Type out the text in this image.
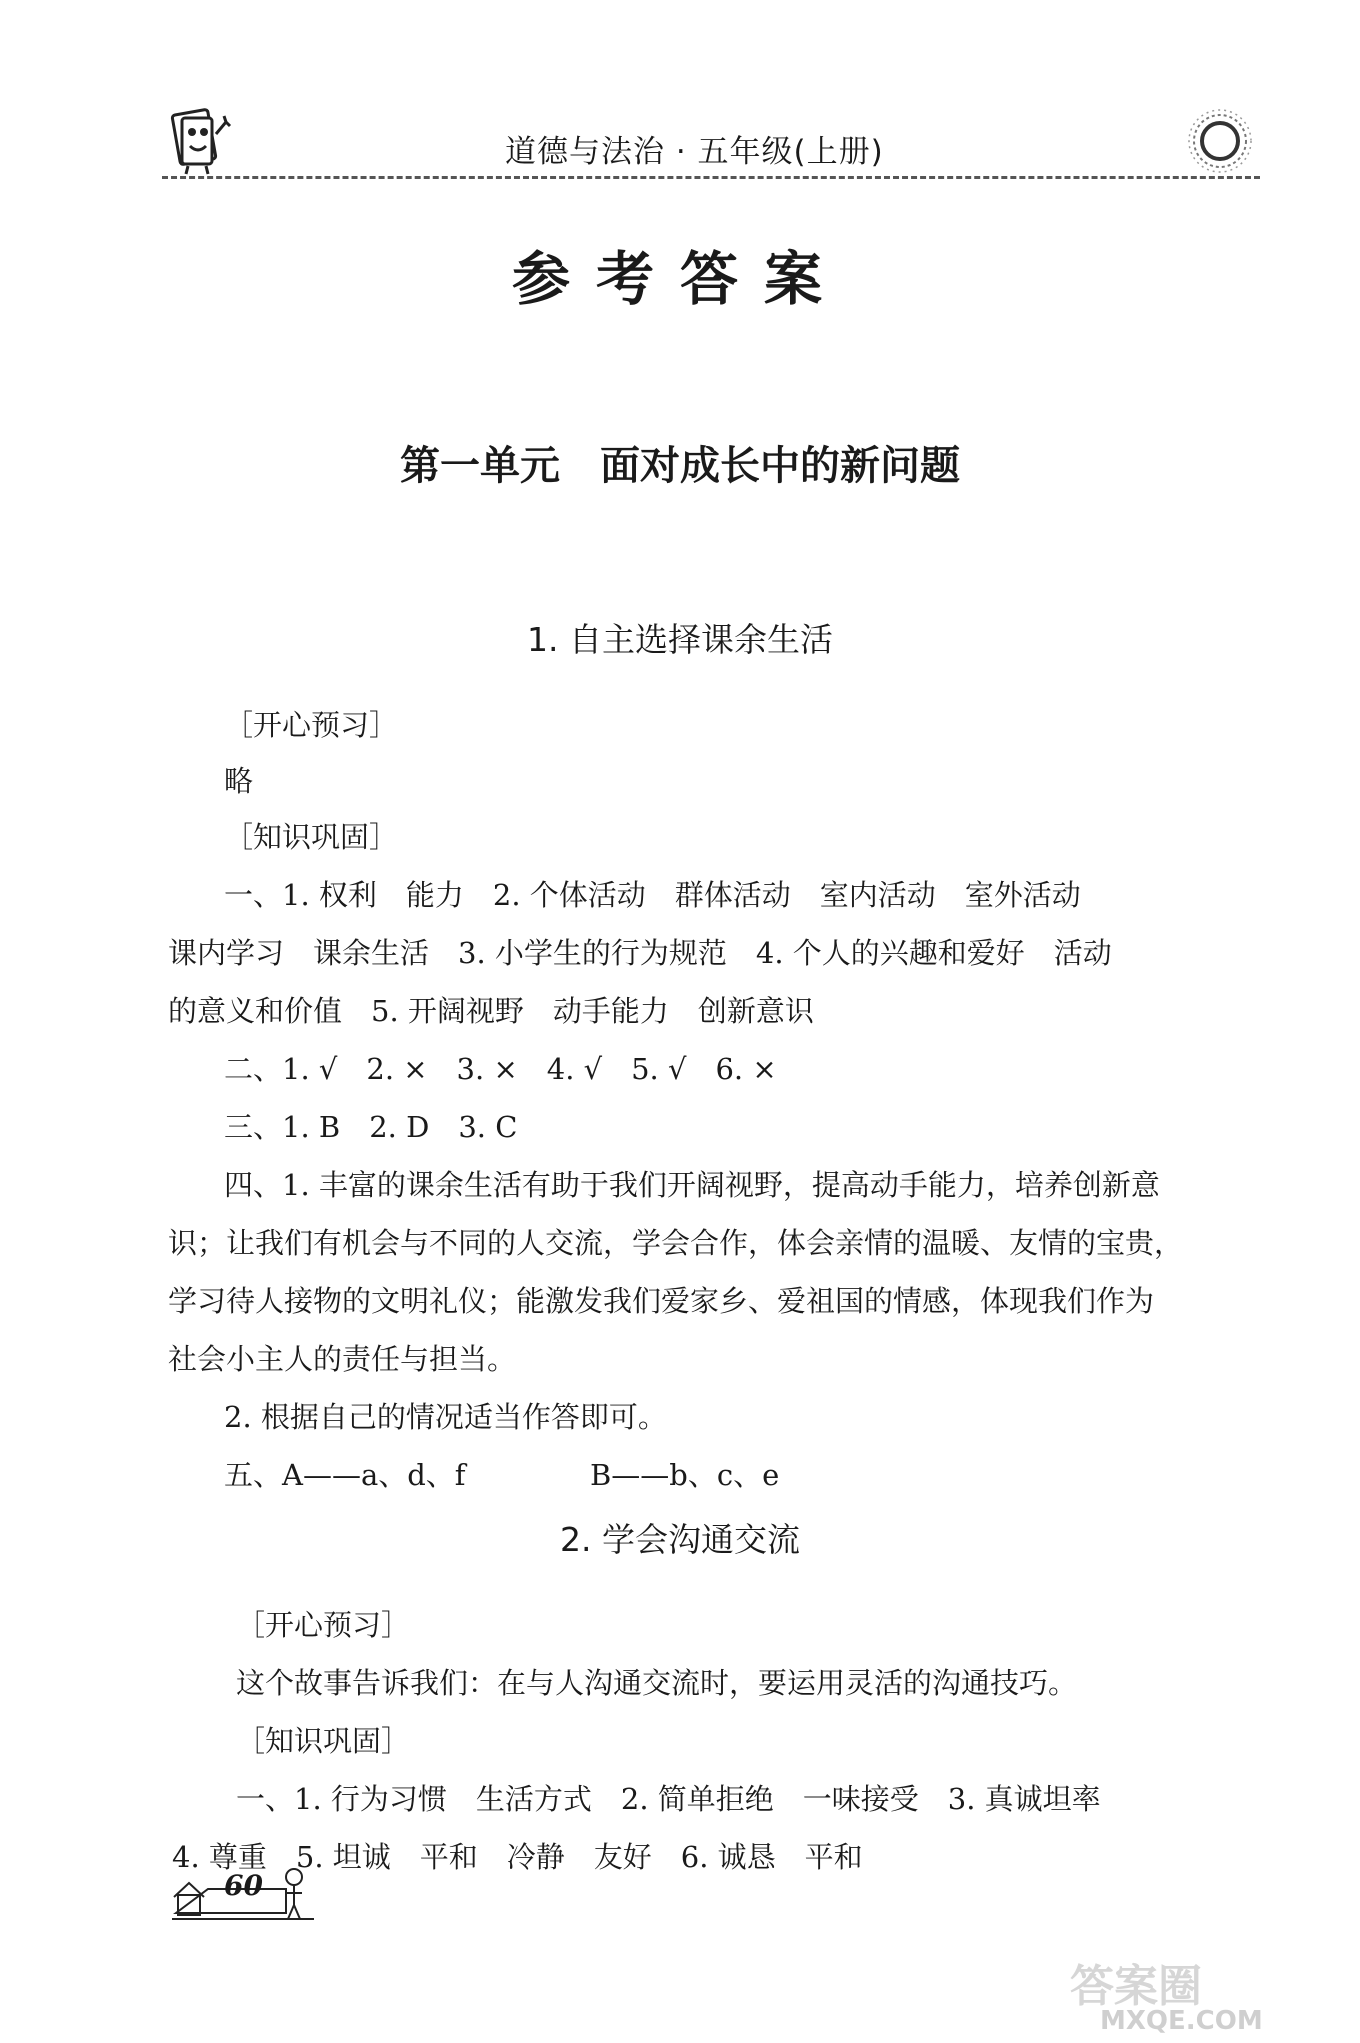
道德与法治 · 五年级(上册)
参考答案
第一单元　面对成长中的新问题
1. 自主选择课余生活
［开心预习］
略
［知识巩固］
一、1. 权利　能力　2. 个体活动　群体活动　室内活动　室外活动
课内学习　课余生活　3. 小学生的行为规范　4. 个人的兴趣和爱好　活动
的意义和价值　5. 开阔视野　动手能力　创新意识
二、1. √　2. ×　3. ×　4. √　5. √　6. ×
三、1. B　2. D　3. C
四、1. 丰富的课余生活有助于我们开阔视野，提高动手能力，培养创新意
识；让我们有机会与不同的人交流，学会合作，体会亲情的温暖、友情的宝贵，
学习待人接物的文明礼仪；能激发我们爱家乡、爱祖国的情感，体现我们作为
社会小主人的责任与担当。
2. 根据自己的情况适当作答即可。
五、A——a、d、f	B——b、c、e
2. 学会沟通交流
［开心预习］
这个故事告诉我们：在与人沟通交流时，要运用灵活的沟通技巧。
［知识巩固］
一、1. 行为习惯　生活方式　2. 简单拒绝　一味接受　3. 真诚坦率
4. 尊重　5. 坦诚　平和　冷静　友好　6. 诚恳　平和
60
答案圈
MXQE.COM
